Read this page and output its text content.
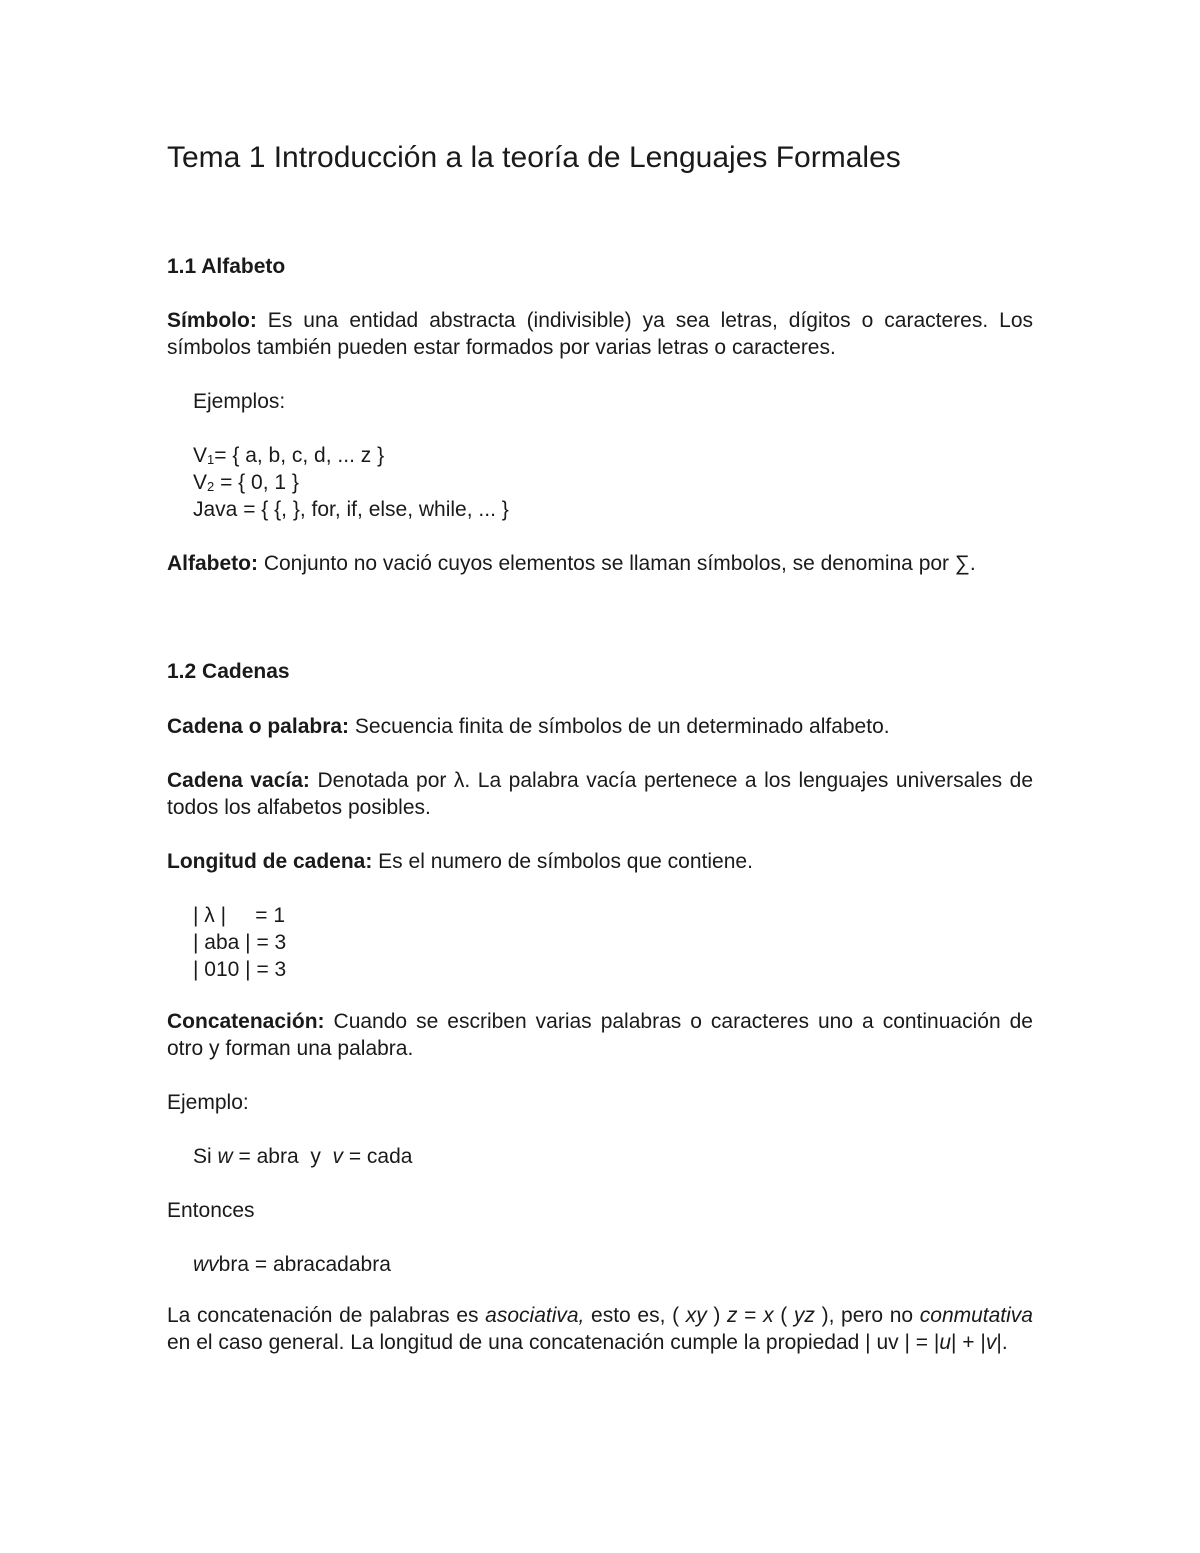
Tema 1 Introducción a la teoría de Lenguajes Formales
1.1 Alfabeto

Símbolo: Es una entidad abstracta (indivisible) ya sea letras, dígitos o caracteres. Los símbolos también pueden estar formados por varias letras o caracteres.

Ejemplos:
$V_1=$ { a, b, c, d, ... z }
$V_2$ = { 0, 1 }
Java = { {, }, for, if, else, while, ... }

Alfabeto: Conjunto no vació cuyos elementos se llaman símbolos, se denomina por ∑.

1.2 Cadenas

Cadena o palabra: Secuencia finita de símbolos de un determinado alfabeto.

Cadena vacía: Denotada por λ. La palabra vacía pertenece a los lenguajes universales de todos los alfabetos posibles.

Longitud de cadena: Es el numero de símbolos que contiene.

| λ |     = 1
| aba | = 3
| 010 | = 3

Concatenación: Cuando se escriben varias palabras o caracteres uno a continuación de otro y forman una palabra.

Ejemplo:
Si w = abra  y  v = cada
Entonces
wvbra = abracadabra

La concatenación de palabras es asociativa, esto es, ( xy ) z = x ( yz ), pero no conmutativa en el caso general. La longitud de una concatenación cumple la propiedad | uv | = |u| + |v|.
